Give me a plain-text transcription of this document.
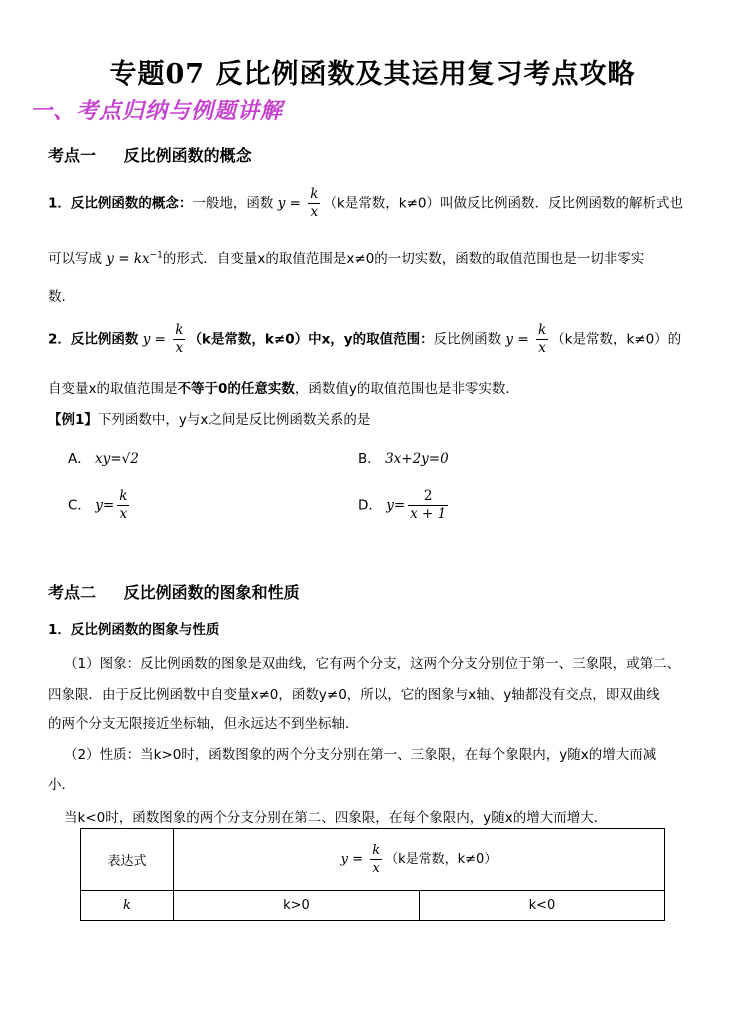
专题07 反比例函数及其运用复习考点攻略
一、考点归纳与例题讲解
考点一 反比例函数的概念
1．反比例函数的概念：一般地，函数 $y = \frac{k}{x} (k$是常数，k≠0）叫做反比例函数．反比例函数的解析式也
可以写成 $y = kx^{-1}$的形式．自变量x的取值范围是x≠0的一切实数，函数的取值范围也是一切非零实
数．
2．反比例函数 $y = \frac{k}{x} (k$是常数，k≠0）中x，y的取值范围：反比例函数 $y = \frac{k}{x} (k$是常数，k≠0）的
自变量x的取值范围是不等于0的任意实数，函数值y的取值范围也是非零实数．
【例1】下列函数中，y与x之间是反比例函数关系的是
A． xy=√2	B． 3x+2y=0
C． $y= \frac{k}{x}$	D． $y= \frac{2}{x + 1}$
考点二 反比例函数的图象和性质
1．反比例函数的图象与性质
（1）图象：反比例函数的图象是双曲线，它有两个分支，这两个分支分别位于第一、三象限，或第二、
四象限．由于反比例函数中自变量x≠0，函数y≠0，所以，它的图象与x轴、y轴都没有交点，即双曲线
的两个分支无限接近坐标轴，但永远达不到坐标轴．
（2）性质：当k>0时，函数图象的两个分支分别在第一、三象限，在每个象限内，y随x的增大而减
小．
当k<0时，函数图象的两个分支分别在第二、四象限，在每个象限内，y随x的增大而增大．
表达式	$y = \frac{k}{x} (k$是常数，k≠0）	
k	k>0	k<0
